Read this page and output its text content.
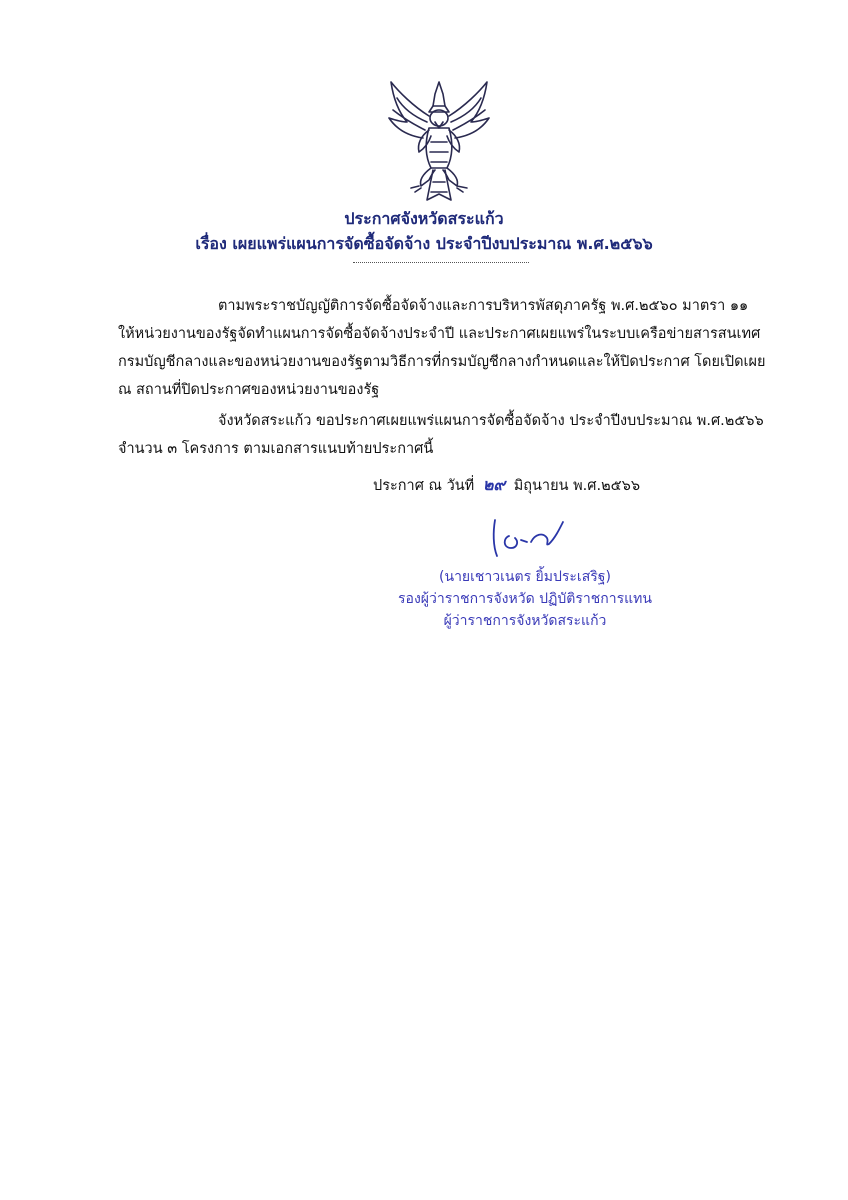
ประกาศจังหวัดสระแก้ว
เรื่อง เผยแพร่แผนการจัดซื้อจัดจ้าง ประจำปีงบประมาณ พ.ศ.๒๕๖๖

ตามพระราชบัญญัติการจัดซื้อจัดจ้างและการบริหารพัสดุภาครัฐ พ.ศ.๒๕๖๐ มาตรา ๑๑

ให้หน่วยงานของรัฐจัดทำแผนการจัดซื้อจัดจ้างประจำปี และประกาศเผยแพร่ในระบบเครือข่ายสารสนเทศ

กรมบัญชีกลางและของหน่วยงานของรัฐตามวิธีการที่กรมบัญชีกลางกำหนดและให้ปิดประกาศ โดยเปิดเผย

ณ สถานที่ปิดประกาศของหน่วยงานของรัฐ

จังหวัดสระแก้ว ขอประกาศเผยแพร่แผนการจัดซื้อจัดจ้าง ประจำปีงบประมาณ พ.ศ.๒๕๖๖

จำนวน ๓ โครงการ ตามเอกสารแนบท้ายประกาศนี้

ประกาศ ณ วันที่ ๒๙ มิถุนายน พ.ศ.๒๕๖๖
(นายเชาวเนตร ยิ้มประเสริฐ)
รองผู้ว่าราชการจังหวัด ปฏิบัติราชการแทน
ผู้ว่าราชการจังหวัดสระแก้ว
